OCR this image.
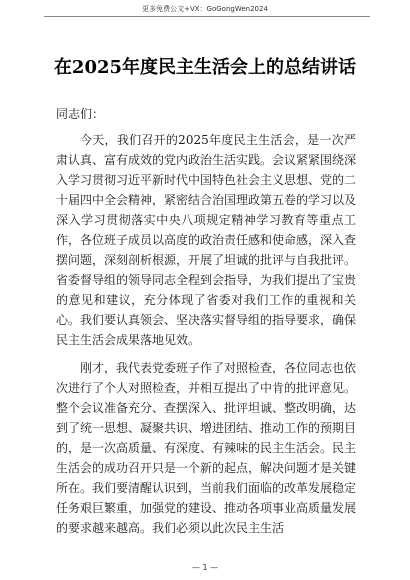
更多免费公文+VX：GoGongWen2024
在2025年度民主生活会上的总结讲话

同志们：

今天，我们召开的2025年度民主生活会，是一次严肃认真、富有成效的党内政治生活实践。会议紧紧围绕深入学习贯彻习近平新时代中国特色社会主义思想、党的二十届四中全会精神，紧密结合治国理政第五卷的学习以及深入学习贯彻落实中央八项规定精神学习教育等重点工作，各位班子成员以高度的政治责任感和使命感，深入查摆问题，深刻剖析根源，开展了坦诚的批评与自我批评。省委督导组的领导同志全程到会指导，为我们提出了宝贵的意见和建议，充分体现了省委对我们工作的重视和关心。我们要认真领会、坚决落实督导组的指导要求，确保民主生活会成果落地见效。

刚才，我代表党委班子作了对照检查，各位同志也依次进行了个人对照检查，并相互提出了中肯的批评意见。整个会议准备充分、查摆深入、批评坦诚、整改明确，达到了统一思想、凝聚共识、增进团结、推动工作的预期目的，是一次高质量、有深度、有辣味的民主生活会。民主生活会的成功召开只是一个新的起点，解决问题才是关键所在。我们要清醒认识到，当前我们面临的改革发展稳定任务艰巨繁重，加强党的建设、推动各项事业高质量发展的要求越来越高。我们必须以此次民主生活

— 1 —
